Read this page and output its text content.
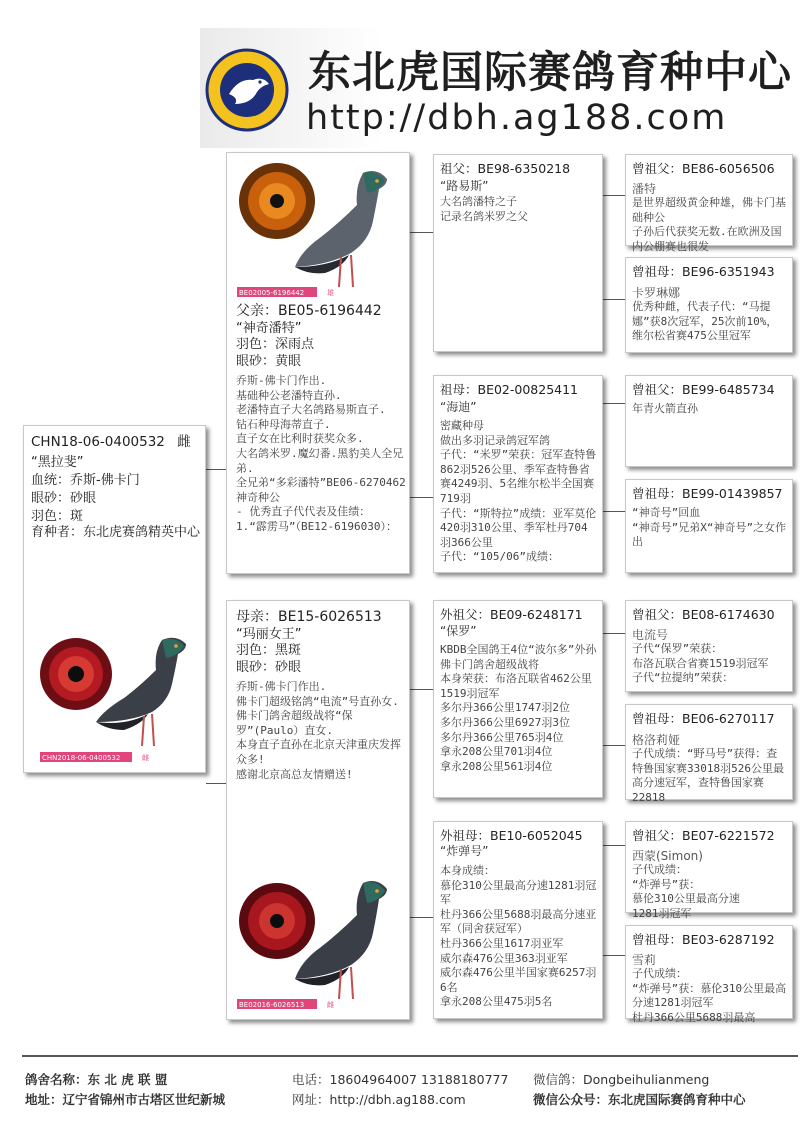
东北虎国际赛鸽育种中心
http://dbh.ag188.com
CHN18-06-0400532 雌
“黑拉斐”
血统：乔斯-佛卡门
眼砂：砂眼
羽色：斑
育种者：东北虎赛鸽精英中心
CHN2018-06-0400532	雌
BE02005-6196442	雄
父亲：BE05-6196442
“神奇潘特”
羽色：深雨点
眼砂：黄眼
乔斯-佛卡门作出.
基础种公老潘特直孙.
老潘特直子大名鸽路易斯直子.
钻石种母海蒂直子.
直子女在比利时获奖众多.
大名鸽米罗.魔幻番.黑豹美人全兄弟.
全兄弟“多彩潘特”BE06-6270462 神奇种公
- 优秀直子代代表及佳绩：
1.“霹雳马”（BE12-6196030）：
母亲：BE15-6026513
“玛丽女王”
羽色：黑斑
眼砂：砂眼
乔斯-佛卡门作出.
佛卡门超级铭鸽“电流”号直孙女.
佛卡门鸽舍超级战将“保罗”(Paulo）直女.
本身直子直孙在北京天津重庆发挥众多!
感谢北京高总友情赠送!
BE02016-6026513	雌
祖父：BE98-6350218
“路易斯”
大名鸽潘特之子
记录名鸽米罗之父
祖母：BE02-00825411
“海迪”
密藏种母
做出多羽记录鸽冠军鸽
子代：“米罗”荣获：冠军查特鲁862羽526公里、季军查特鲁省赛4249羽、5名维尔松半全国赛719羽
子代：“斯特拉”成绩：亚军莫伦420羽310公里、季军杜丹704羽366公里
子代：“105/06”成绩：
外祖父：BE09-6248171
“保罗”
KBDB全国鸽王4位“波尔多”外孙
佛卡门鸽舍超级战将
本身荣获：布洛瓦联省462公里1519羽冠军
多尔丹366公里1747羽2位
多尔丹366公里6927羽3位
多尔丹366公里765羽4位
拿永208公里701羽4位
拿永208公里561羽4位
外祖母：BE10-6052045
“炸弹号”
本身成绩：
慕伦310公里最高分速1281羽冠军
杜丹366公里5688羽最高分速亚军（同舍获冠军）
杜丹366公里1617羽亚军
威尔森476公里363羽亚军
威尔森476公里半国家赛6257羽6名
拿永208公里475羽5名
曾祖父：BE86-6056506
潘特
是世界超级黄金种雄，佛卡门基础种公
子孙后代获奖无数.在欧洲及国内公棚赛也很发
曾祖母：BE96-6351943
卡罗琳娜
优秀种雌，代表子代：“马提娜”获8次冠军，25次前10%，
维尔松省赛475公里冠军
曾祖父：BE99-6485734
年青火箭直孙
曾祖母：BE99-01439857
“神奇号”回血
“神奇号”兄弟X“神奇号”之女作出
曾祖父：BE08-6174630
电流号
子代“保罗”荣获：
布洛瓦联合省赛1519羽冠军
子代“拉提纳”荣获：
曾祖母：BE06-6270117
格洛莉娅
子代成绩：“野马号”获得：查特鲁国家赛33018羽526公里最高分速冠军，查特鲁国家赛22818
曾祖父：BE07-6221572
西蒙(Simon)
子代成绩：
“炸弹号”获：
慕伦310公里最高分速
1281羽冠军
曾祖母：BE03-6287192
雪莉
子代成绩：
“炸弹号”获：慕伦310公里最高分速1281羽冠军
杜丹366公里5688羽最高
鸽舍名称：东 北 虎 联 盟
地址：辽宁省锦州市古塔区世纪新城
电话：18604964007 13188180777
网址：http://dbh.ag188.com
微信鸽：Dongbeihulianmeng
微信公众号：东北虎国际赛鸽育种中心
